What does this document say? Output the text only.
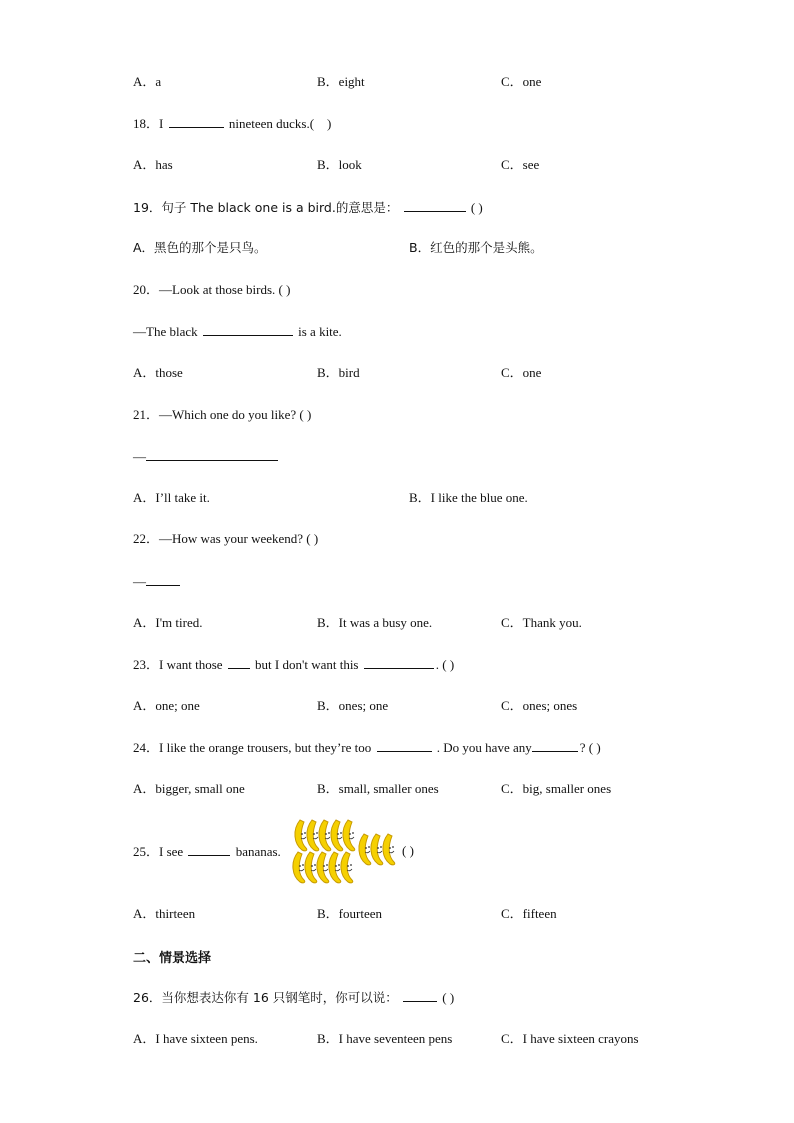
A．a	B．eight	C．one
18．I	nineteen ducks.( )
A．has	B．look	C．see
19．句子 The black one is a bird.的意思是：	( )
A．黑色的那个是只鸟。	B．红色的那个是头熊。
20．—Look at those birds. ( )
—The black	is a kite.
A．those	B．bird	C．one
21．—Which one do you like? ( )
—
A．I’ll take it.	B．I like the blue one.
22．—How was your weekend? ( )
—
A．I'm tired.	B．It was a busy one.	C．Thank you.
23．I want those	but I don't want this	. ( )
A．one; one	B．ones; one	C．ones; ones
24．I like the orange trousers, but they’re too	. Do you have any	? ( )
A．bigger, small one	B．small, smaller ones	C．big, smaller ones
25．I see	bananas.	( )
A．thirteen	B．fourteen	C．fifteen
二、情景选择
26．当你想表达你有 16 只钢笔时，你可以说：	( )
A．I have sixteen pens.	B．I have seventeen pens	C．I have sixteen crayons
